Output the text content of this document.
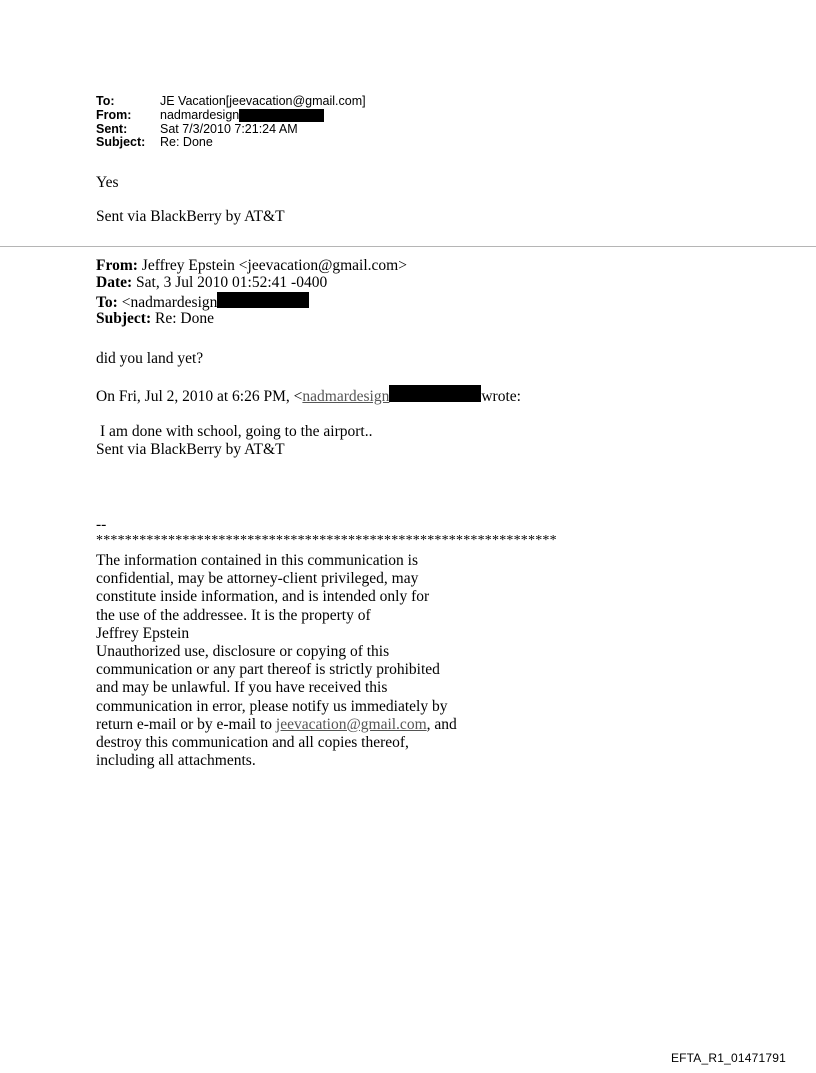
To:	JE Vacation[jeevacation@gmail.com]
From:	nadmardesign
Sent:	Sat 7/3/2010 7:21:24 AM
Subject:	Re: Done
Yes
Sent via BlackBerry by AT&T
From: Jeffrey Epstein <jeevacation@gmail.com>
Date: Sat, 3 Jul 2010 01:52:41 -0400
To: <nadmardesign
Subject: Re: Done
did you land yet?
On Fri, Jul 2, 2010 at 6:26 PM, <nadmardesign	wrote:
I am done with school, going to the airport..
Sent via BlackBerry by AT&T
--
****************************************************************
The information contained in this communication is
confidential, may be attorney-client privileged, may
constitute inside information, and is intended only for
the use of the addressee. It is the property of
Jeffrey Epstein
Unauthorized use, disclosure or copying of this
communication or any part thereof is strictly prohibited
and may be unlawful. If you have received this
communication in error, please notify us immediately by
return e-mail or by e-mail to jeevacation@gmail.com, and
destroy this communication and all copies thereof,
including all attachments.
EFTA_R1_01471791
